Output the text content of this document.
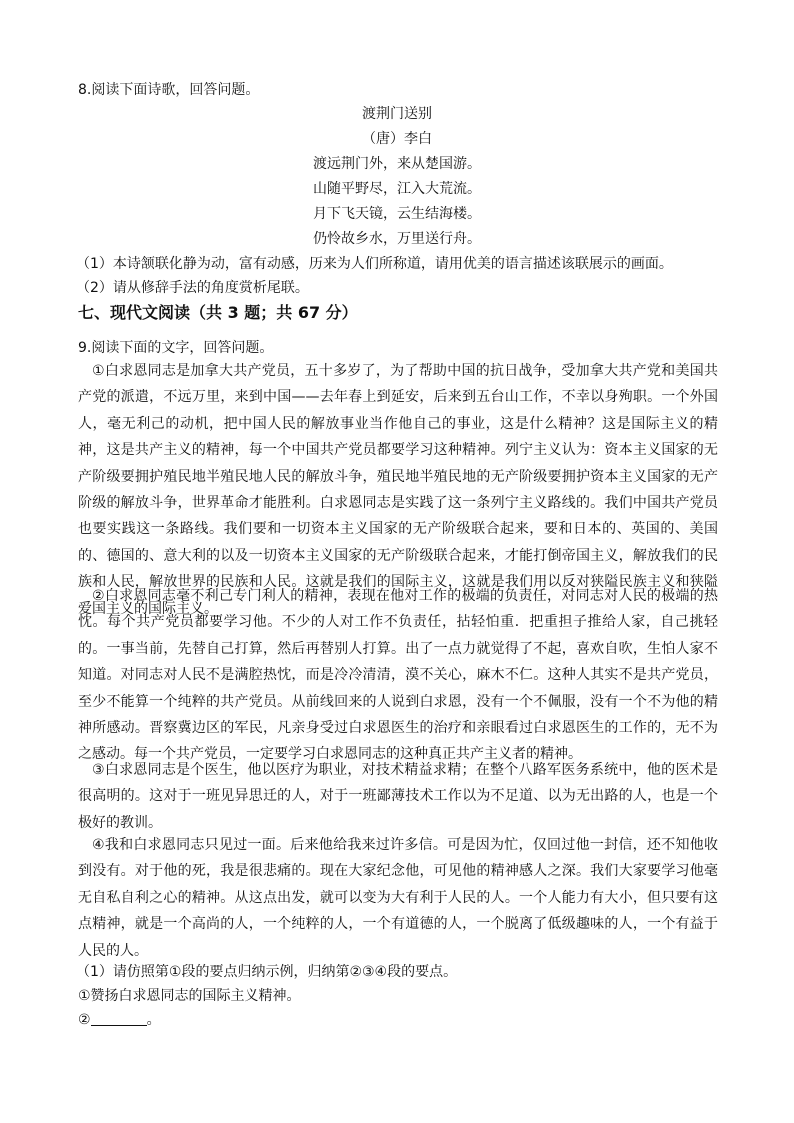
8.阅读下面诗歌，回答问题。
渡荆门送别
（唐）李白
渡远荆门外，来从楚国游。
山随平野尽，江入大荒流。
月下飞天镜，云生结海楼。
仍怜故乡水，万里送行舟。
（1）本诗颔联化静为动，富有动感，历来为人们所称道，请用优美的语言描述该联展示的画面。
（2）请从修辞手法的角度赏析尾联。
七、现代文阅读（共 3 题；共 67 分）
9.阅读下面的文字，回答问题。
①白求恩同志是加拿大共产党员，五十多岁了，为了帮助中国的抗日战争，受加拿大共产党和美国共产党的派遣，不远万里，来到中国——去年春上到延安，后来到五台山工作，不幸以身殉职。一个外国人，毫无利己的动机，把中国人民的解放事业当作他自己的事业，这是什么精神？这是国际主义的精神，这是共产主义的精神，每一个中国共产党员都要学习这种精神。列宁主义认为：资本主义国家的无产阶级要拥护殖民地半殖民地人民的解放斗争，殖民地半殖民地的无产阶级要拥护资本主义国家的无产阶级的解放斗争，世界革命才能胜利。白求恩同志是实践了这一条列宁主义路线的。我们中国共产党员也要实践这一条路线。我们要和一切资本主义国家的无产阶级联合起来，要和日本的、英国的、美国的、德国的、意大利的以及一切资本主义国家的无产阶级联合起来，才能打倒帝国主义，解放我们的民族和人民，解放世界的民族和人民。这就是我们的国际主义，这就是我们用以反对狭隘民族主义和狭隘爱国主义的国际主义。
②白求恩同志毫不利己专门利人的精神，表现在他对工作的极端的负责任，对同志对人民的极端的热忱。每个共产党员都要学习他。不少的人对工作不负责任，拈轻怕重．把重担子推给人家，自己挑轻的。一事当前，先替自己打算，然后再替别人打算。出了一点力就觉得了不起，喜欢自吹，生怕人家不知道。对同志对人民不是满腔热忱，而是冷冷清清，漠不关心，麻木不仁。这种人其实不是共产党员，至少不能算一个纯粹的共产党员。从前线回来的人说到白求恩，没有一个不佩服，没有一个不为他的精神所感动。晋察冀边区的军民，凡亲身受过白求恩医生的治疗和亲眼看过白求恩医生的工作的，无不为之感动。每一个共产党员，一定要学习白求恩同志的这种真正共产主义者的精神。
③白求恩同志是个医生，他以医疗为职业，对技术精益求精；在整个八路军医务系统中，他的医术是很高明的。这对于一班见异思迁的人，对于一班鄙薄技术工作以为不足道、以为无出路的人，也是一个极好的教训。
④我和白求恩同志只见过一面。后来他给我来过许多信。可是因为忙，仅回过他一封信，还不知他收到没有。对于他的死，我是很悲痛的。现在大家纪念他，可见他的精神感人之深。我们大家要学习他毫无自私自利之心的精神。从这点出发，就可以变为大有利于人民的人。一个人能力有大小，但只要有这点精神，就是一个高尚的人，一个纯粹的人，一个有道德的人，一个脱离了低级趣味的人，一个有益于人民的人。
（1）请仿照第①段的要点归纳示例，归纳第②③④段的要点。
①赞扬白求恩同志的国际主义精神。
②	。
